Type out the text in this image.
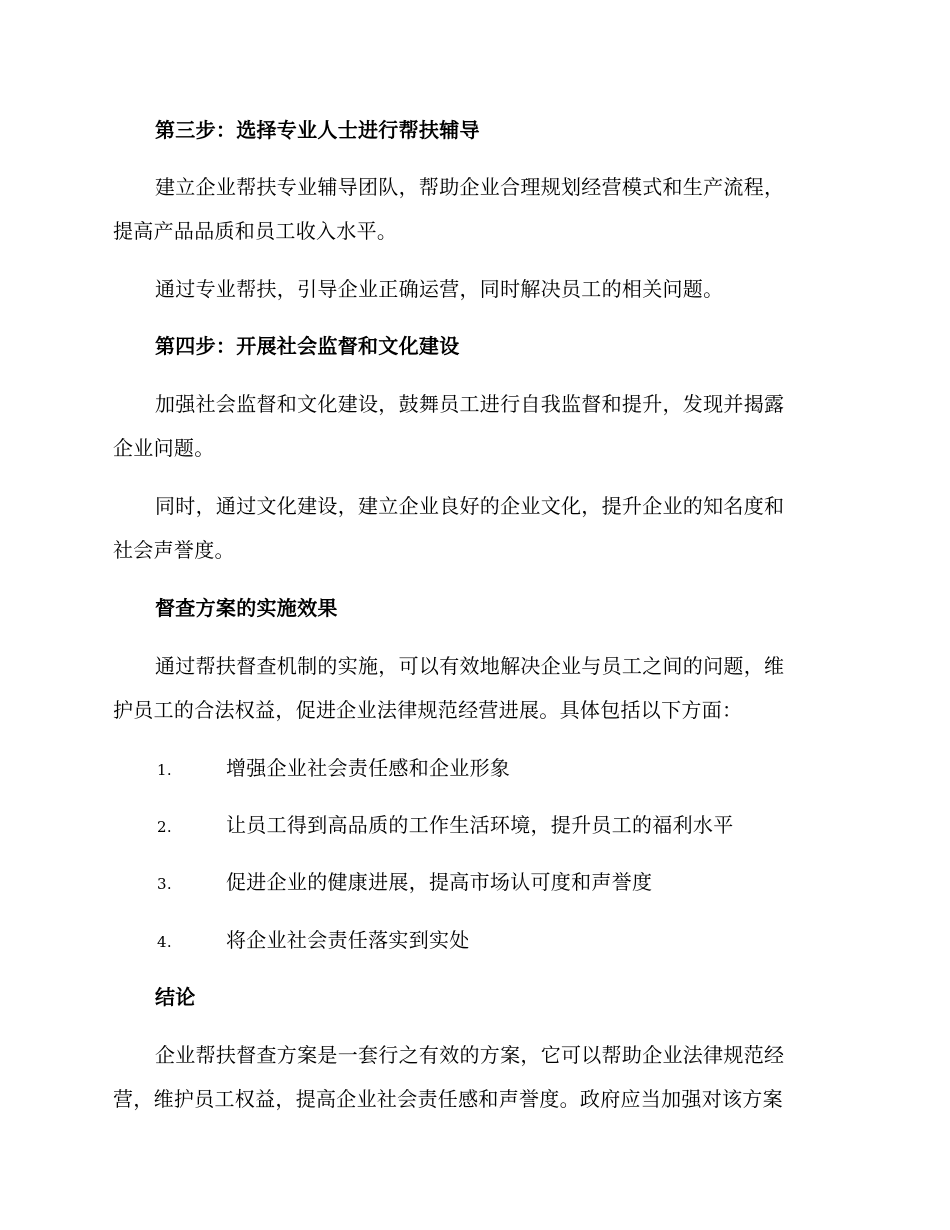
第三步：选择专业人士进行帮扶辅导
建立企业帮扶专业辅导团队，帮助企业合理规划经营模式和生产流程，
提高产品品质和员工收入水平。
通过专业帮扶，引导企业正确运营，同时解决员工的相关问题。
第四步：开展社会监督和文化建设
加强社会监督和文化建设，鼓舞员工进行自我监督和提升，发现并揭露
企业问题。
同时，通过文化建设，建立企业良好的企业文化，提升企业的知名度和
社会声誉度。
督查方案的实施效果
通过帮扶督查机制的实施，可以有效地解决企业与员工之间的问题，维
护员工的合法权益，促进企业法律规范经营进展。具体包括以下方面：
1.	增强企业社会责任感和企业形象
2.	让员工得到高品质的工作生活环境，提升员工的福利水平
3.	促进企业的健康进展，提高市场认可度和声誉度
4.	将企业社会责任落实到实处
结论
企业帮扶督查方案是一套行之有效的方案，它可以帮助企业法律规范经
营，维护员工权益，提高企业社会责任感和声誉度。政府应当加强对该方案
